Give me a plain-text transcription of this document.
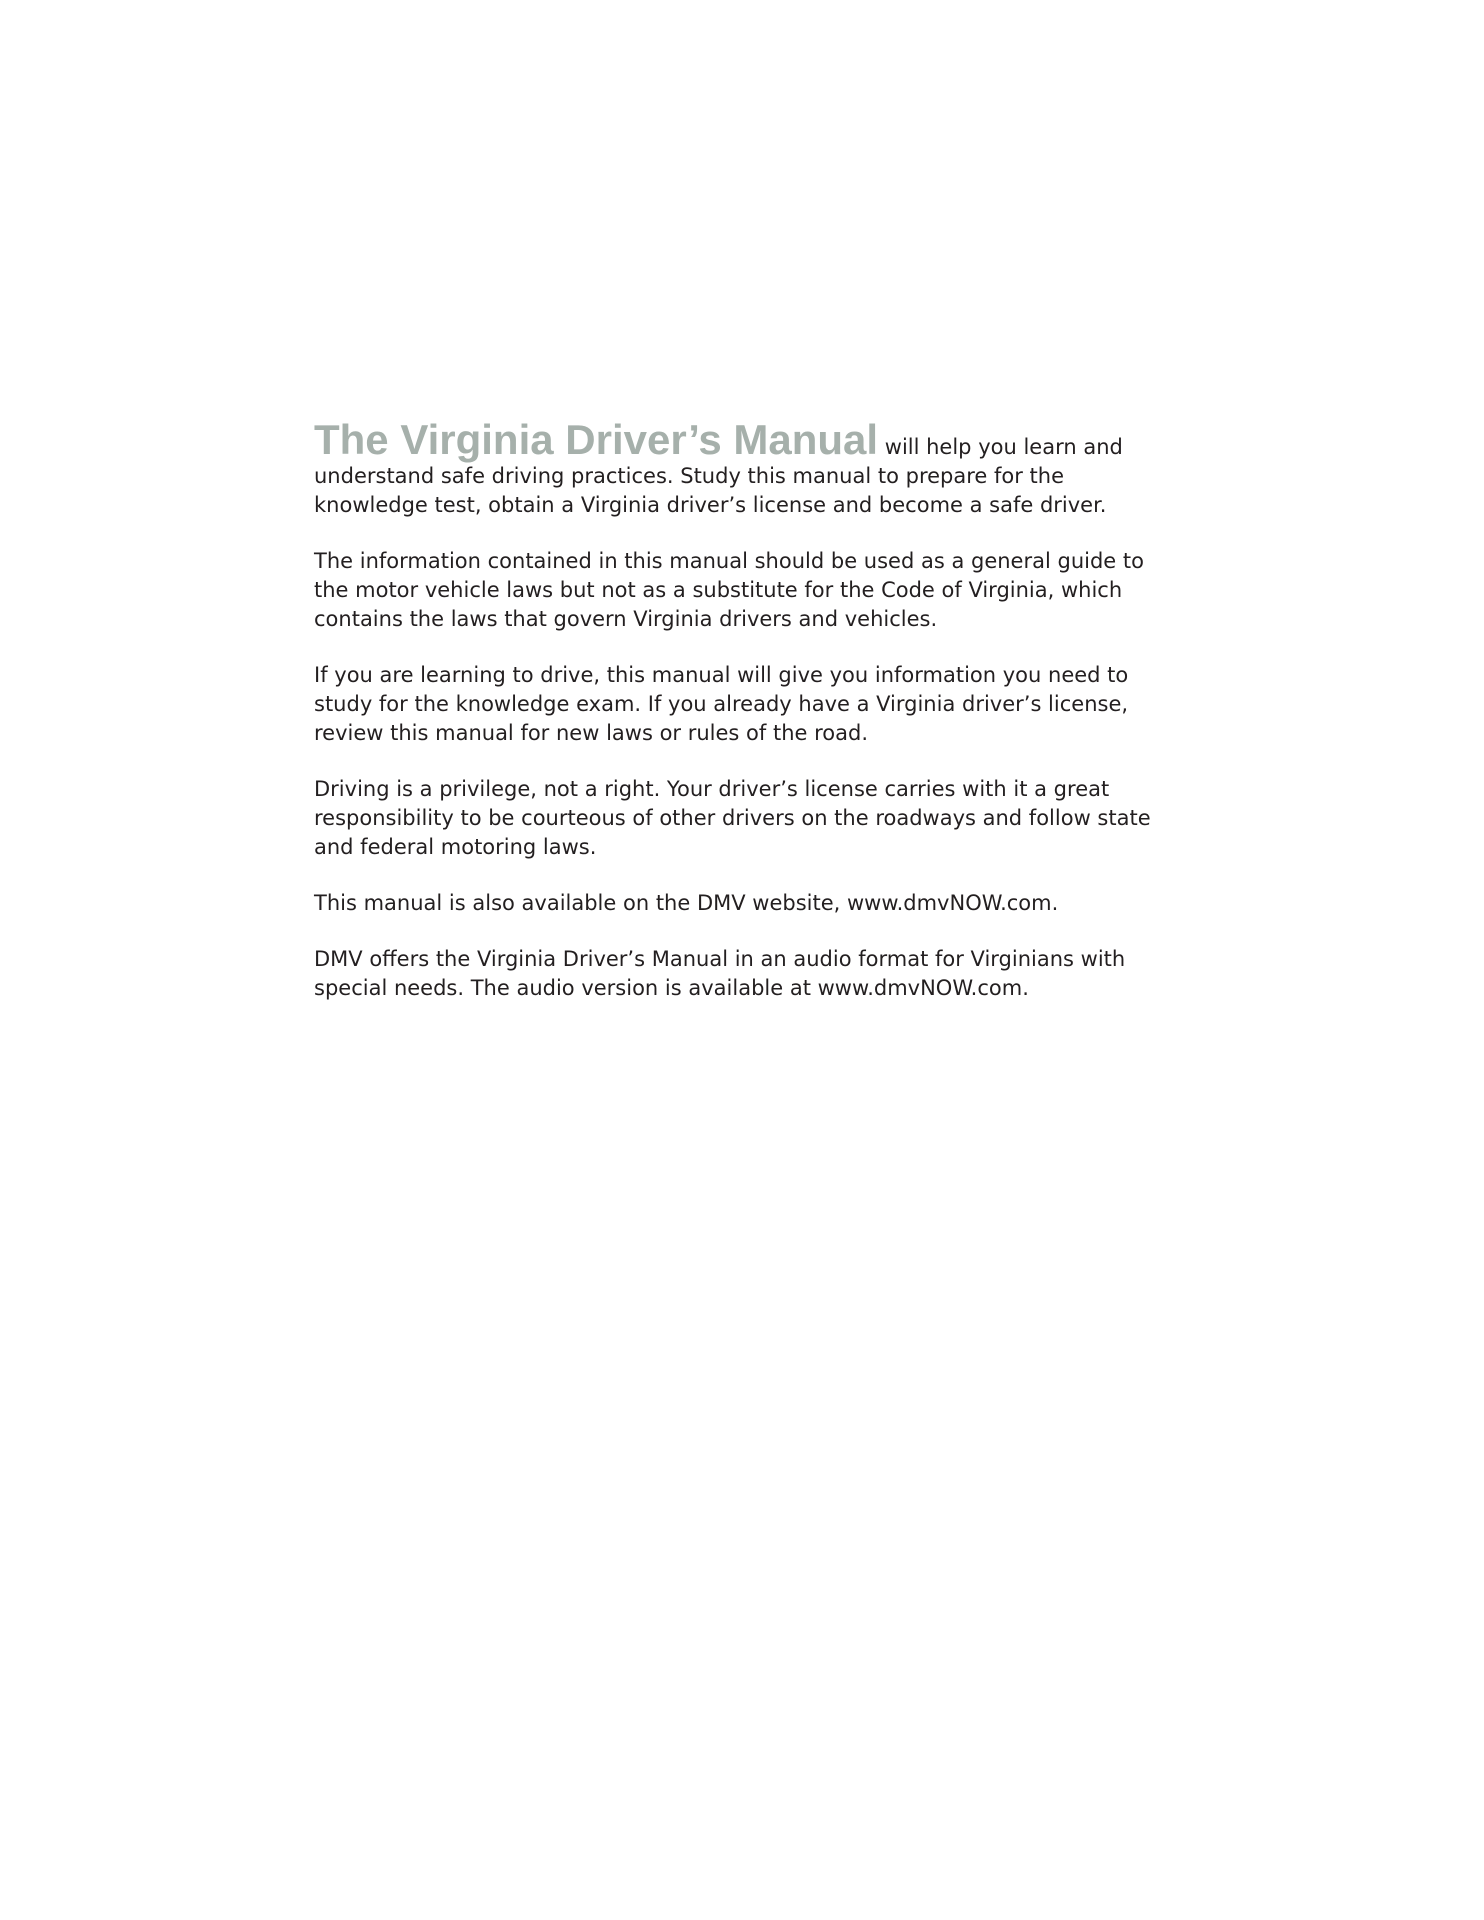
The Virginia Driver’s Manual will help you learn and understand safe driving practices. Study this manual to prepare for the knowledge test, obtain a Virginia driver’s license and become a safe driver.

The information contained in this manual should be used as a general guide to the motor vehicle laws but not as a substitute for the Code of Virginia, which contains the laws that govern Virginia drivers and vehicles.

If you are learning to drive, this manual will give you information you need to study for the knowledge exam. If you already have a Virginia driver’s license, review this manual for new laws or rules of the road.

Driving is a privilege, not a right. Your driver’s license carries with it a great responsibility to be courteous of other drivers on the roadways and follow state and federal motoring laws.

This manual is also available on the DMV website, www.dmvNOW.com.

DMV offers the Virginia Driver’s Manual in an audio format for Virginians with special needs. The audio version is available at www.dmvNOW.com.
